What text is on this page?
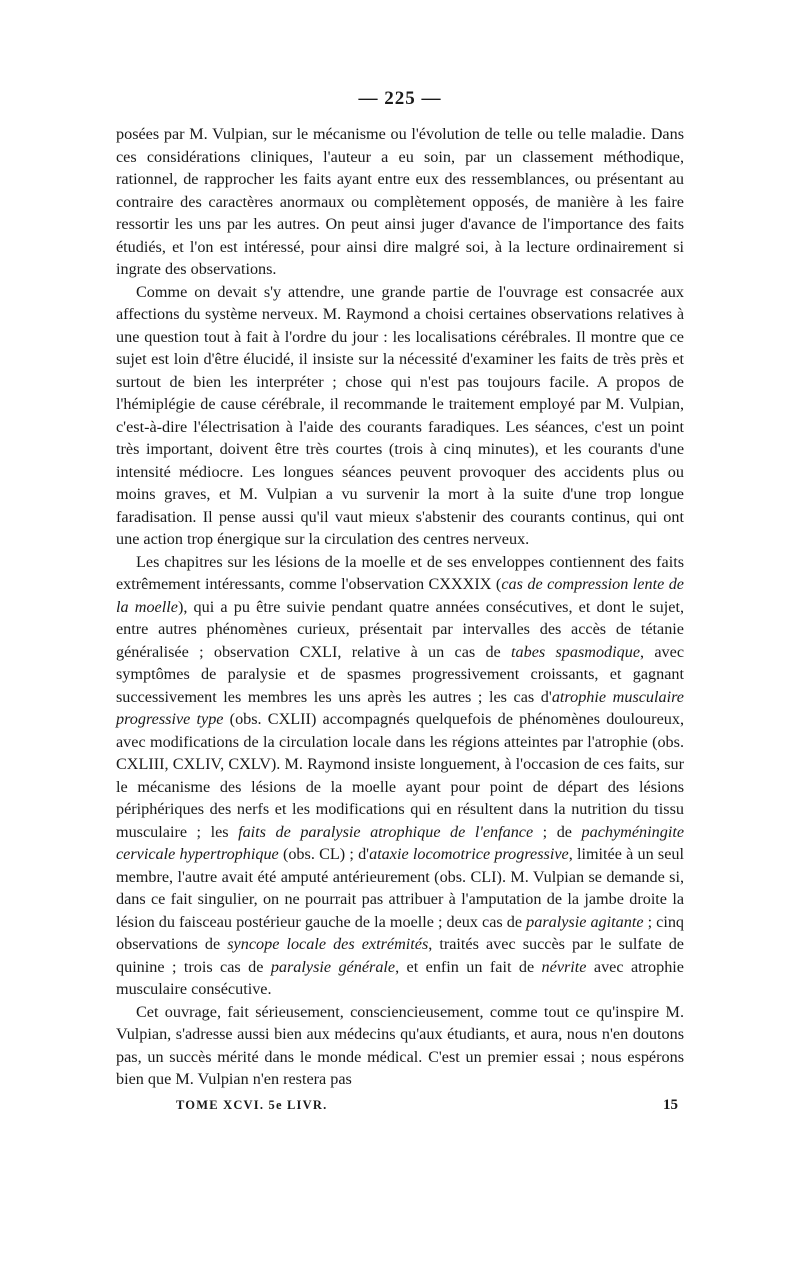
— 225 —

posées par M. Vulpian, sur le mécanisme ou l'évolution de telle ou telle maladie. Dans ces considérations cliniques, l'auteur a eu soin, par un classement méthodique, rationnel, de rapprocher les faits ayant entre eux des ressemblances, ou présentant au contraire des caractères anormaux ou complètement opposés, de manière à les faire ressortir les uns par les autres. On peut ainsi juger d'avance de l'importance des faits étudiés, et l'on est intéressé, pour ainsi dire malgré soi, à la lecture ordinairement si ingrate des observations.

Comme on devait s'y attendre, une grande partie de l'ouvrage est consacrée aux affections du système nerveux. M. Raymond a choisi certaines observations relatives à une question tout à fait à l'ordre du jour : les localisations cérébrales. Il montre que ce sujet est loin d'être élucidé, il insiste sur la nécessité d'examiner les faits de très près et surtout de bien les interpréter ; chose qui n'est pas toujours facile. A propos de l'hémiplégie de cause cérébrale, il recommande le traitement employé par M. Vulpian, c'est-à-dire l'électrisation à l'aide des courants faradiques. Les séances, c'est un point très important, doivent être très courtes (trois à cinq minutes), et les courants d'une intensité médiocre. Les longues séances peuvent provoquer des accidents plus ou moins graves, et M. Vulpian a vu survenir la mort à la suite d'une trop longue faradisation. Il pense aussi qu'il vaut mieux s'abstenir des courants continus, qui ont une action trop énergique sur la circulation des centres nerveux.

Les chapitres sur les lésions de la moelle et de ses enveloppes contiennent des faits extrêmement intéressants, comme l'observation CXXXIX (cas de compression lente de la moelle), qui a pu être suivie pendant quatre années consécutives, et dont le sujet, entre autres phénomènes curieux, présentait par intervalles des accès de tétanie généralisée ; observation CXLI, relative à un cas de tabes spasmodique, avec symptômes de paralysie et de spasmes progressivement croissants, et gagnant successivement les membres les uns après les autres ; les cas d'atrophie musculaire progressive type (obs. CXLII) accompagnés quelquefois de phénomènes douloureux, avec modifications de la circulation locale dans les régions atteintes par l'atrophie (obs. CXLIII, CXLIV, CXLV). M. Raymond insiste longuement, à l'occasion de ces faits, sur le mécanisme des lésions de la moelle ayant pour point de départ des lésions périphériques des nerfs et les modifications qui en résultent dans la nutrition du tissu musculaire ; les faits de paralysie atrophique de l'enfance ; de pachyméningite cervicale hypertrophique (obs. CL) ; d'ataxie locomotrice progressive, limitée à un seul membre, l'autre avait été amputé antérieurement (obs. CLI). M. Vulpian se demande si, dans ce fait singulier, on ne pourrait pas attribuer à l'amputation de la jambe droite la lésion du faisceau postérieur gauche de la moelle ; deux cas de paralysie agitante ; cinq observations de syncope locale des extrémités, traités avec succès par le sulfate de quinine ; trois cas de paralysie générale, et enfin un fait de névrite avec atrophie musculaire consécutive.

Cet ouvrage, fait sérieusement, consciencieusement, comme tout ce qu'inspire M. Vulpian, s'adresse aussi bien aux médecins qu'aux étudiants, et aura, nous n'en doutons pas, un succès mérité dans le monde médical. C'est un premier essai ; nous espérons bien que M. Vulpian n'en restera pas

TOME XCVI. 5e LIVR.	15
